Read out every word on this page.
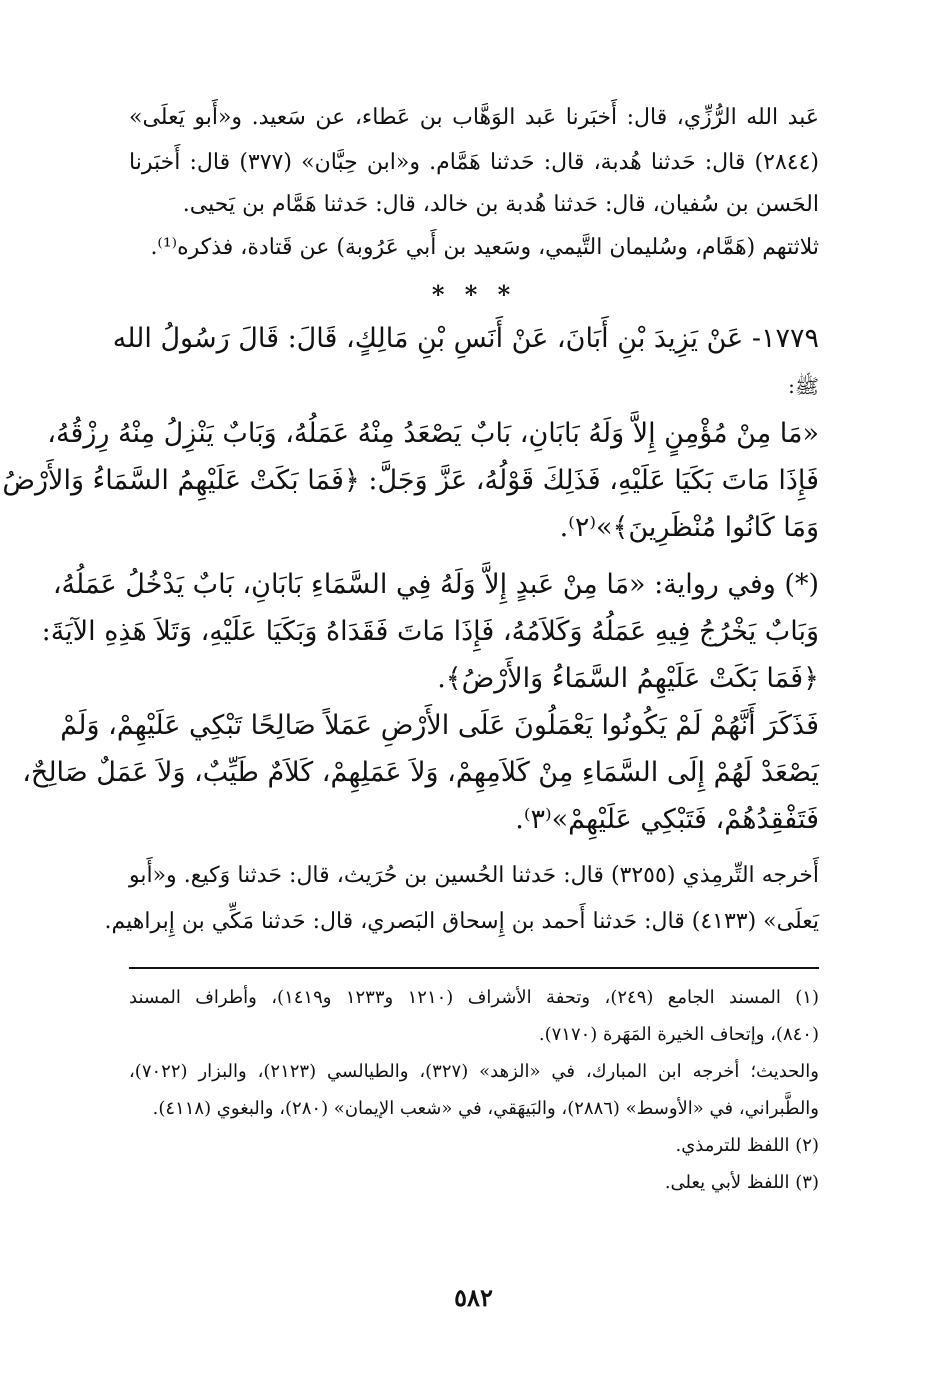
عَبد الله الرُّزِّي، قال: أَخبَرنا عَبد الوَهَّاب بن عَطاء، عن سَعيد. و«أَبو يَعلَى»
(٢٨٤٤) قال: حَدثنا هُدبة، قال: حَدثنا هَمَّام. و«ابن حِبَّان» (٣٧٧) قال: أَخبَرنا
الحَسن بن سُفيان، قال: حَدثنا هُدبة بن خالد، قال: حَدثنا هَمَّام بن يَحيى.
ثلاثتهم (هَمَّام، وسُليمان التَّيمي، وسَعيد بن أَبي عَرُوبة) عن قَتادة، فذكره⁽¹⁾.
* * *
١٧٧٩- عَنْ يَزِيدَ بْنِ أَبَانَ، عَنْ أَنَسِ بْنِ مَالِكٍ، قَالَ: قَالَ رَسُولُ الله
ﷺ:
«مَا مِنْ مُؤْمِنٍ إِلاَّ وَلَهُ بَابَانِ، بَابٌ يَصْعَدُ مِنْهُ عَمَلُهُ، وَبَابٌ يَنْزِلُ مِنْهُ رِزْقُهُ،
فَإِذَا مَاتَ بَكَيَا عَلَيْهِ، فَذَلِكَ قَوْلُهُ، عَزَّ وَجَلَّ: ﴿فَمَا بَكَتْ عَلَيْهِمُ السَّمَاءُ وَالأَرْضُ
وَمَا كَانُوا مُنْظَرِينَ﴾»⁽٢⁾.
(*) وفي رواية: «مَا مِنْ عَبدٍ إِلاَّ وَلَهُ فِي السَّمَاءِ بَابَانِ، بَابٌ يَدْخُلُ عَمَلُهُ،
وَبَابٌ يَخْرُجُ فِيهِ عَمَلُهُ وَكَلاَمُهُ، فَإِذَا مَاتَ فَقَدَاهُ وَبَكَيَا عَلَيْهِ، وَتَلاَ هَذِهِ الآيَةَ:
﴿فَمَا بَكَتْ عَلَيْهِمُ السَّمَاءُ وَالأَرْضُ﴾.
فَذَكَرَ أَنَّهُمْ لَمْ يَكُونُوا يَعْمَلُونَ عَلَى الأَرْضِ عَمَلاً صَالِحًا تَبْكِي عَلَيْهِمْ، وَلَمْ
يَصْعَدْ لَهُمْ إِلَى السَّمَاءِ مِنْ كَلاَمِهِمْ، وَلاَ عَمَلِهِمْ، كَلاَمٌ طَيِّبٌ، وَلاَ عَمَلٌ صَالِحٌ،
فَتَفْقِدُهُمْ، فَتَبْكِي عَلَيْهِمْ»⁽٣⁾.
أَخرجه التِّرمِذي (٣٢٥٥) قال: حَدثنا الحُسين بن حُرَيث، قال: حَدثنا وَكيع. و«أَبو
يَعلَى» (٤١٣٣) قال: حَدثنا أَحمد بن إِسحاق البَصري، قال: حَدثنا مَكِّي بن إِبراهيم.
(١) المسند الجامع (٢٤٩)، وتحفة الأشراف (١٢١٠ و١٢٣٣ و١٤١٩)، وأطراف المسند
(٨٤٠)، وإتحاف الخيرة المَهَرة (٧١٧٠).
والحديث؛ أخرجه ابن المبارك، في «الزهد» (٣٢٧)، والطيالسي (٢١٢٣)، والبزار (٧٠٢٢)،
والطَّبراني، في «الأوسط» (٢٨٨٦)، والبَيهَقي، في «شعب الإيمان» (٢٨٠)، والبغوي (٤١١٨).
(٢) اللفظ للترمذي.
(٣) اللفظ لأبي يعلى.
٥٨٢
